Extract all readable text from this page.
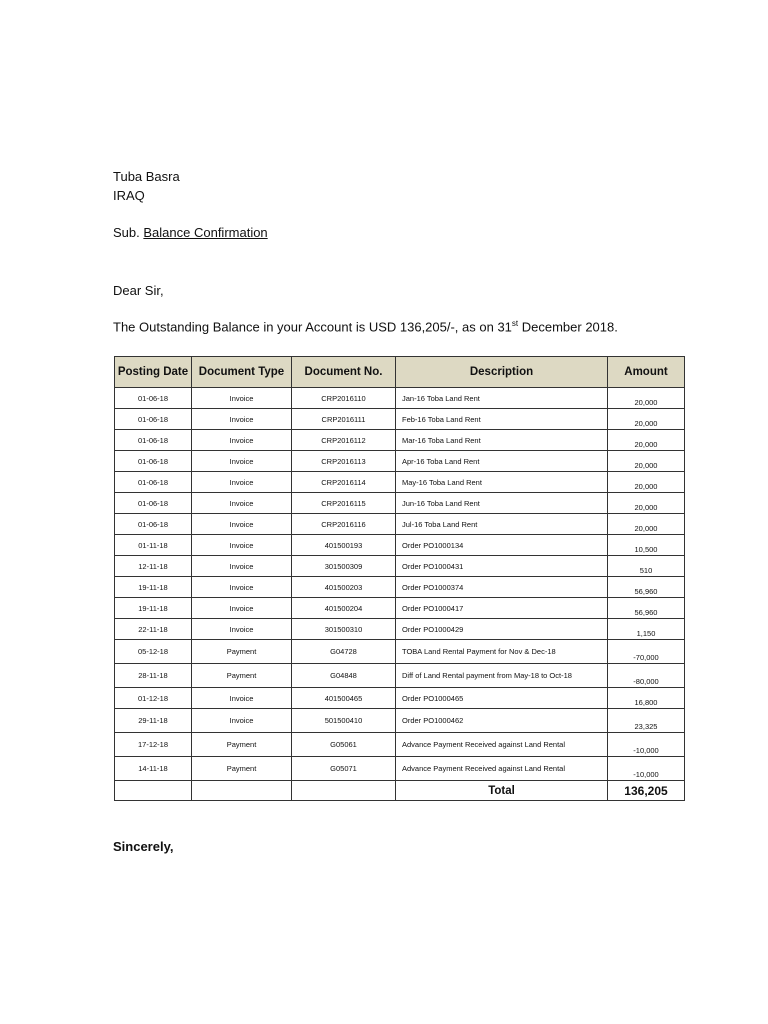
Tuba Basra
IRAQ
Sub. Balance Confirmation
Dear Sir,
The Outstanding Balance in your Account is USD 136,205/-, as on 31st December 2018.
Posting Date	Document Type	Document No.	Description	Amount
01-06-18	Invoice	CRP2016110	Jan-16 Toba Land Rent	20,000
01-06-18	Invoice	CRP2016111	Feb-16 Toba Land Rent	20,000
01-06-18	Invoice	CRP2016112	Mar-16 Toba Land Rent	20,000
01-06-18	Invoice	CRP2016113	Apr-16 Toba Land Rent	20,000
01-06-18	Invoice	CRP2016114	May-16 Toba Land Rent	20,000
01-06-18	Invoice	CRP2016115	Jun-16 Toba Land Rent	20,000
01-06-18	Invoice	CRP2016116	Jul-16 Toba Land Rent	20,000
01-11-18	Invoice	401500193	Order PO1000134	10,500
12-11-18	Invoice	301500309	Order PO1000431	510
19-11-18	Invoice	401500203	Order PO1000374	56,960
19-11-18	Invoice	401500204	Order PO1000417	56,960
22-11-18	Invoice	301500310	Order PO1000429	1,150
05-12-18	Payment	G04728	TOBA Land Rental Payment for Nov & Dec-18	-70,000
28-11-18	Payment	G04848	Diff of Land Rental payment from May-18 to Oct-18	-80,000
01-12-18	Invoice	401500465	Order PO1000465	16,800
29-11-18	Invoice	501500410	Order PO1000462	23,325
17-12-18	Payment	G05061	Advance Payment Received against Land Rental	-10,000
14-11-18	Payment	G05071	Advance Payment Received against Land Rental	-10,000
			Total	136,205
Sincerely,
